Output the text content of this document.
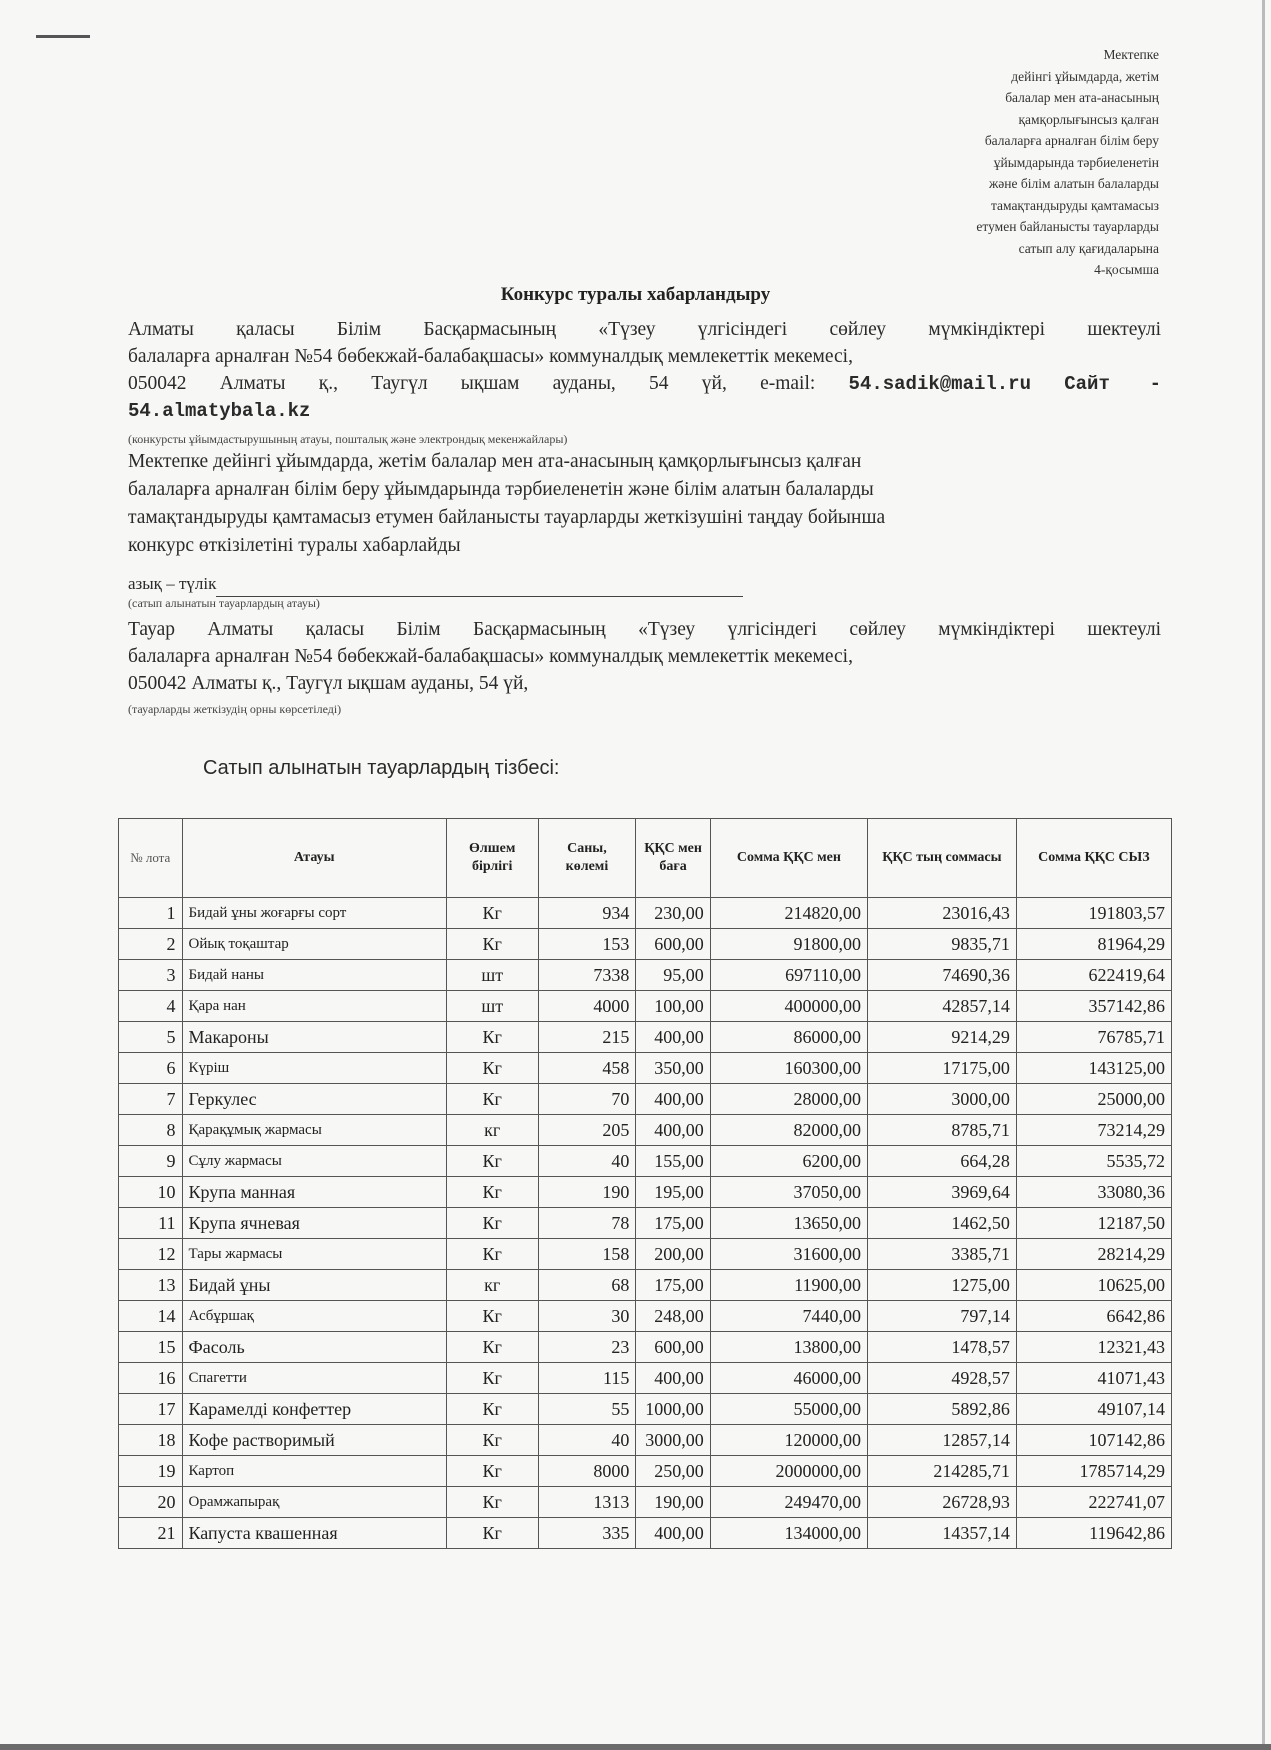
Мектепке
дейінгі ұйымдарда, жетім
балалар мен ата-анасының
қамқорлығынсыз қалған
балаларға арналған білім беру
ұйымдарында тәрбиеленетін
және білім алатын балаларды
тамақтандыруды қамтамасыз
етумен байланысты тауарларды
сатып алу қағидаларына
4-қосымша
Конкурс туралы хабарландыру
Алматы қаласы Білім Басқармасының «Түзеу үлгісіндегі сөйлеу мүмкіндіктері шектеулі
балаларға арналған №54 бөбекжай-балабақшасы» коммуналдық мемлекеттік мекемесі,
050042 Алматы қ., Таугүл ықшам ауданы, 54 үй, e-mail: 54.sadik@mail.ru Сайт -
54.almatybala.kz
(конкурсты ұйымдастырушының атауы, пошталық және электрондық мекенжайлары)
Мектепке дейінгі ұйымдарда, жетім балалар мен ата-анасының қамқорлығынсыз қалған
балаларға арналған білім беру ұйымдарында тәрбиеленетін және білім алатын балаларды
тамақтандыруды қамтамасыз етумен байланысты тауарларды жеткізушіні таңдау бойынша
конкурс өткізілетіні туралы хабарлайды
азық – түлік
(сатып алынатын тауарлардың атауы)
Тауар Алматы қаласы Білім Басқармасының «Түзеу үлгісіндегі сөйлеу мүмкіндіктері шектеулі
балаларға арналған №54 бөбекжай-балабақшасы» коммуналдық мемлекеттік мекемесі,
050042 Алматы қ., Таугүл ықшам ауданы, 54 үй,
(тауарларды жеткізудің орны көрсетіледі)
Сатып алынатын тауарлардың тізбесі:
№ лота	Атауы	Өлшем бірлігі	Саны, көлемі	ҚҚС мен баға	Сомма ҚҚС мен	ҚҚС тың соммасы	Сомма ҚҚС СЫЗ
1	Бидай ұны жоғарғы сорт	Кг	934	230,00	214820,00	23016,43	191803,57
2	Ойық тоқаштар	Кг	153	600,00	91800,00	9835,71	81964,29
3	Бидай наны	шт	7338	95,00	697110,00	74690,36	622419,64
4	Қара нан	шт	4000	100,00	400000,00	42857,14	357142,86
5	Макароны	Кг	215	400,00	86000,00	9214,29	76785,71
6	Күріш	Кг	458	350,00	160300,00	17175,00	143125,00
7	Геркулес	Кг	70	400,00	28000,00	3000,00	25000,00
8	Қарақұмық жармасы	кг	205	400,00	82000,00	8785,71	73214,29
9	Сұлу жармасы	Кг	40	155,00	6200,00	664,28	5535,72
10	Крупа манная	Кг	190	195,00	37050,00	3969,64	33080,36
11	Крупа ячневая	Кг	78	175,00	13650,00	1462,50	12187,50
12	Тары жармасы	Кг	158	200,00	31600,00	3385,71	28214,29
13	Бидай ұны	кг	68	175,00	11900,00	1275,00	10625,00
14	Асбұршақ	Кг	30	248,00	7440,00	797,14	6642,86
15	Фасоль	Кг	23	600,00	13800,00	1478,57	12321,43
16	Спагетти	Кг	115	400,00	46000,00	4928,57	41071,43
17	Карамелді конфеттер	Кг	55	1000,00	55000,00	5892,86	49107,14
18	Кофе растворимый	Кг	40	3000,00	120000,00	12857,14	107142,86
19	Картоп	Кг	8000	250,00	2000000,00	214285,71	1785714,29
20	Орамжапырақ	Кг	1313	190,00	249470,00	26728,93	222741,07
21	Капуста квашенная	Кг	335	400,00	134000,00	14357,14	119642,86
